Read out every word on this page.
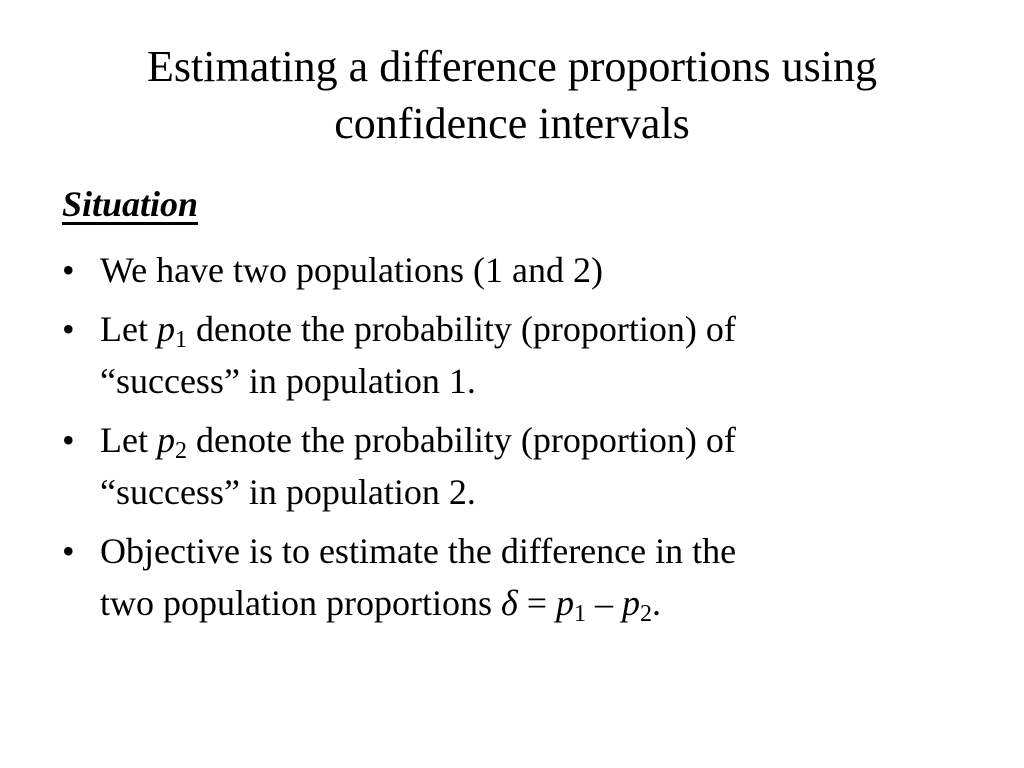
Estimating a difference proportions using
confidence intervals
Situation
• We have two populations (1 and 2)
• Let $p_1$ denote the probability (proportion) of
“success” in population 1.
• Let $p_2$ denote the probability (proportion) of
“success” in population 2.
• Objective is to estimate the difference in the
two population proportions $\delta = p_1 - p_2$.
